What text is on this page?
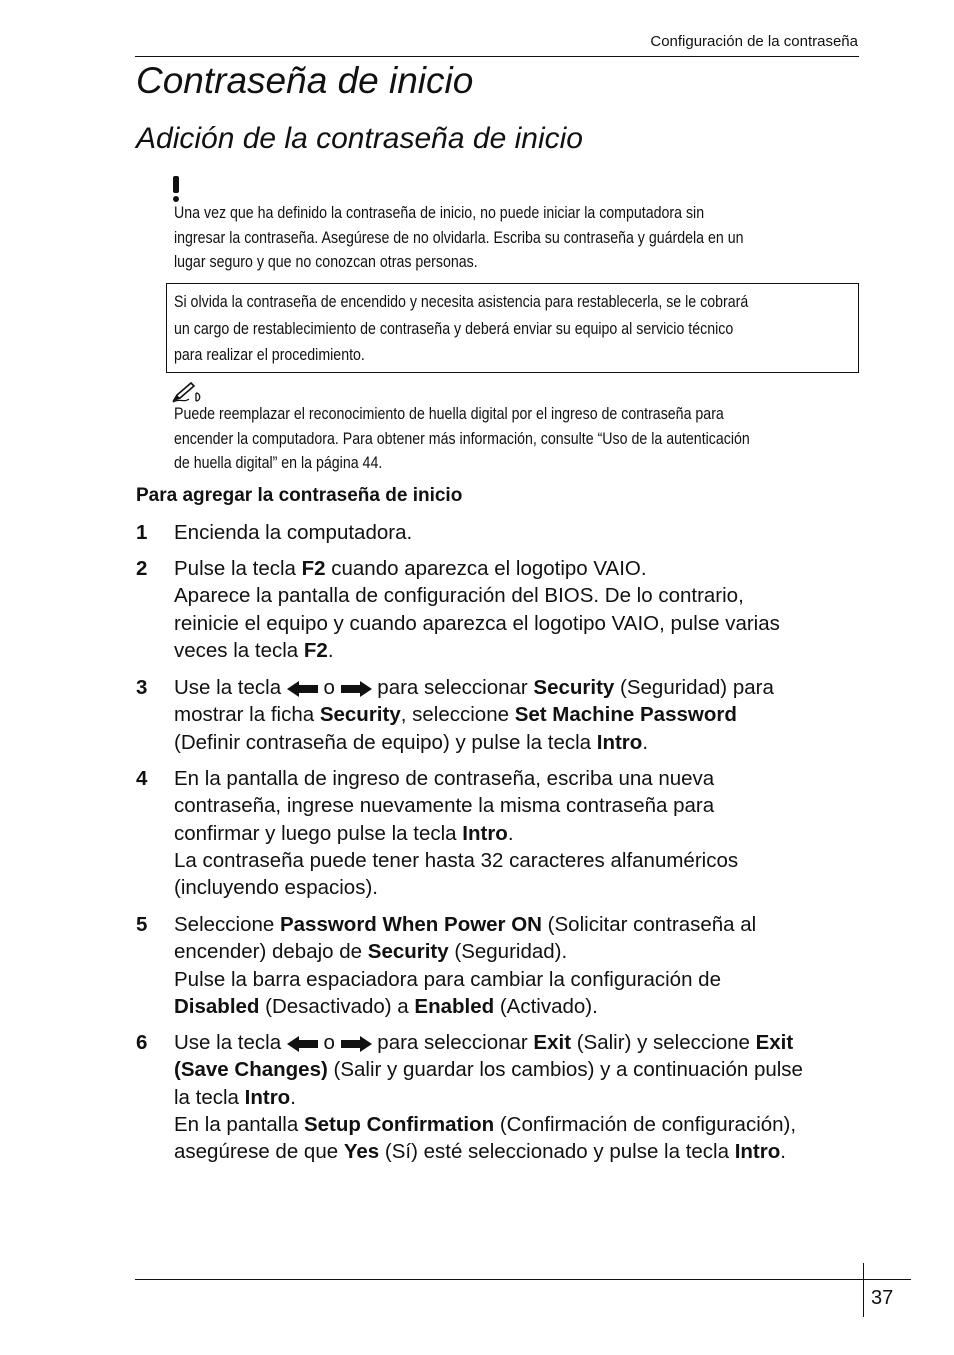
Configuración de la contraseña
Contraseña de inicio
Adición de la contraseña de inicio
Una vez que ha definido la contraseña de inicio, no puede iniciar la computadora sin
ingresar la contraseña. Asegúrese de no olvidarla. Escriba su contraseña y guárdela en un
lugar seguro y que no conozcan otras personas.
Si olvida la contraseña de encendido y necesita asistencia para restablecerla, se le cobrará
un cargo de restablecimiento de contraseña y deberá enviar su equipo al servicio técnico
para realizar el procedimiento.
Puede reemplazar el reconocimiento de huella digital por el ingreso de contraseña para
encender la computadora. Para obtener más información, consulte “Uso de la autenticación
de huella digital” en la página 44.
Para agregar la contraseña de inicio
1 Encienda la computadora.

2 Pulse la tecla F2 cuando aparezca el logotipo VAIO.

Aparece la pantalla de configuración del BIOS. De lo contrario,

reinicie el equipo y cuando aparezca el logotipo VAIO, pulse varias

veces la tecla F2.

3 Use la tecla  o  para seleccionar Security (Seguridad) para

mostrar la ficha Security, seleccione Set Machine Password

(Definir contraseña de equipo) y pulse la tecla Intro.

4 En la pantalla de ingreso de contraseña, escriba una nueva

contraseña, ingrese nuevamente la misma contraseña para

confirmar y luego pulse la tecla Intro.

La contraseña puede tener hasta 32 caracteres alfanuméricos

(incluyendo espacios).

5 Seleccione Password When Power ON (Solicitar contraseña al

encender) debajo de Security (Seguridad).

Pulse la barra espaciadora para cambiar la configuración de

Disabled (Desactivado) a Enabled (Activado).

6 Use la tecla  o  para seleccionar Exit (Salir) y seleccione Exit

(Save Changes) (Salir y guardar los cambios) y a continuación pulse

la tecla Intro.

En la pantalla Setup Confirmation (Confirmación de configuración),

asegúrese de que Yes (Sí) esté seleccionado y pulse la tecla Intro.

37
